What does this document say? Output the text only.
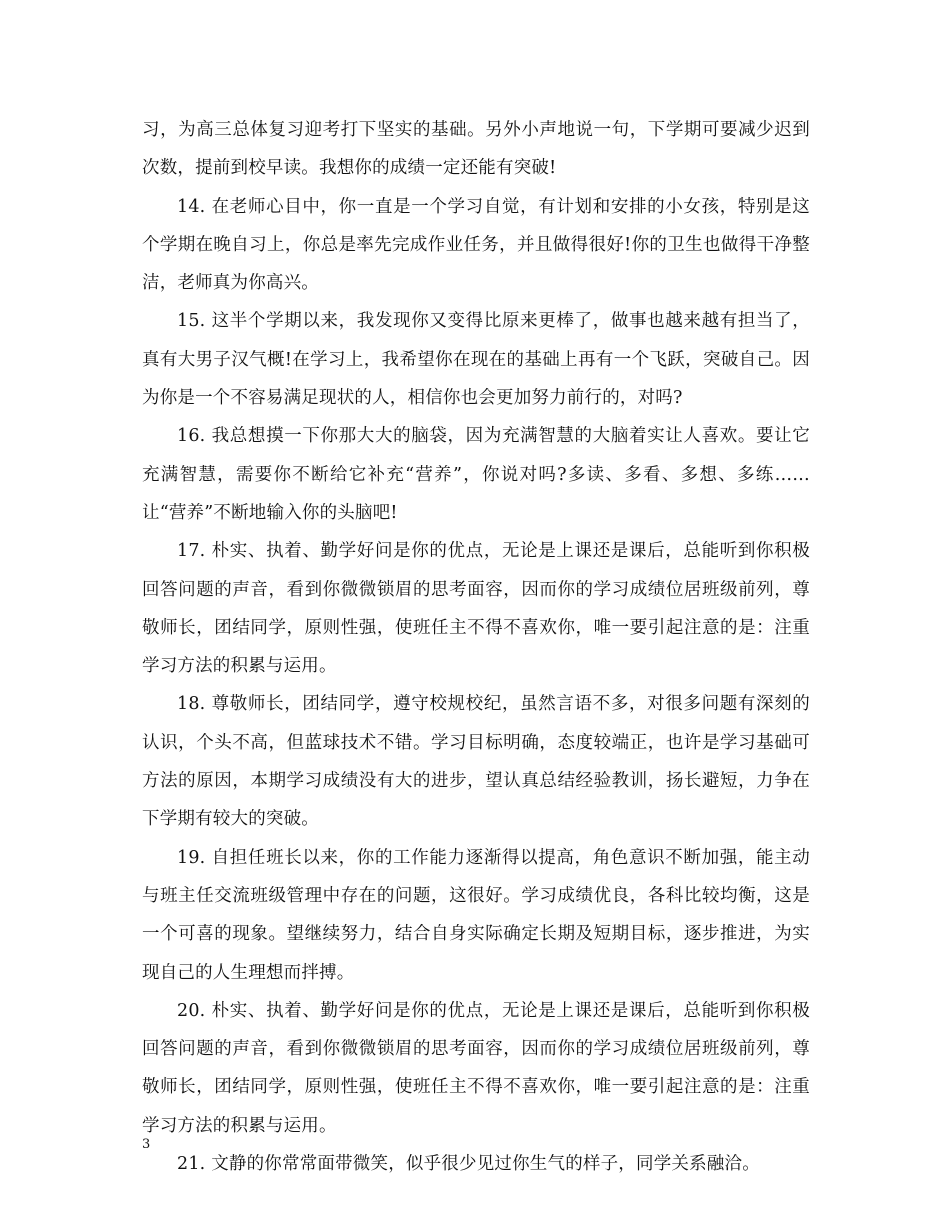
习，为高三总体复习迎考打下坚实的基础。另外小声地说一句，下学期可要减少迟到次数，提前到校早读。我想你的成绩一定还能有突破!

14. 在老师心目中，你一直是一个学习自觉，有计划和安排的小女孩，特别是这个学期在晚自习上，你总是率先完成作业任务，并且做得很好!你的卫生也做得干净整洁，老师真为你高兴。

15. 这半个学期以来，我发现你又变得比原来更棒了，做事也越来越有担当了，真有大男子汉气概!在学习上，我希望你在现在的基础上再有一个飞跃，突破自己。因为你是一个不容易满足现状的人，相信你也会更加努力前行的，对吗?

16. 我总想摸一下你那大大的脑袋，因为充满智慧的大脑着实让人喜欢。要让它充满智慧，需要你不断给它补充“营养”，你说对吗?多读、多看、多想、多练……让“营养”不断地输入你的头脑吧!

17. 朴实、执着、勤学好问是你的优点，无论是上课还是课后，总能听到你积极回答问题的声音，看到你微微锁眉的思考面容，因而你的学习成绩位居班级前列，尊敬师长，团结同学，原则性强，使班任主不得不喜欢你，唯一要引起注意的是：注重学习方法的积累与运用。

18. 尊敬师长，团结同学，遵守校规校纪，虽然言语不多，对很多问题有深刻的认识，个头不高，但蓝球技术不错。学习目标明确，态度较端正，也许是学习基础可方法的原因，本期学习成绩没有大的进步，望认真总结经验教训，扬长避短，力争在下学期有较大的突破。

19. 自担任班长以来，你的工作能力逐渐得以提高，角色意识不断加强，能主动与班主任交流班级管理中存在的问题，这很好。学习成绩优良，各科比较均衡，这是一个可喜的现象。望继续努力，结合自身实际确定长期及短期目标，逐步推进，为实现自己的人生理想而拌搏。

20. 朴实、执着、勤学好问是你的优点，无论是上课还是课后，总能听到你积极回答问题的声音，看到你微微锁眉的思考面容，因而你的学习成绩位居班级前列，尊敬师长，团结同学，原则性强，使班任主不得不喜欢你，唯一要引起注意的是：注重学习方法的积累与运用。

21. 文静的你常常面带微笑，似乎很少见过你生气的样子，同学关系融洽。

3
